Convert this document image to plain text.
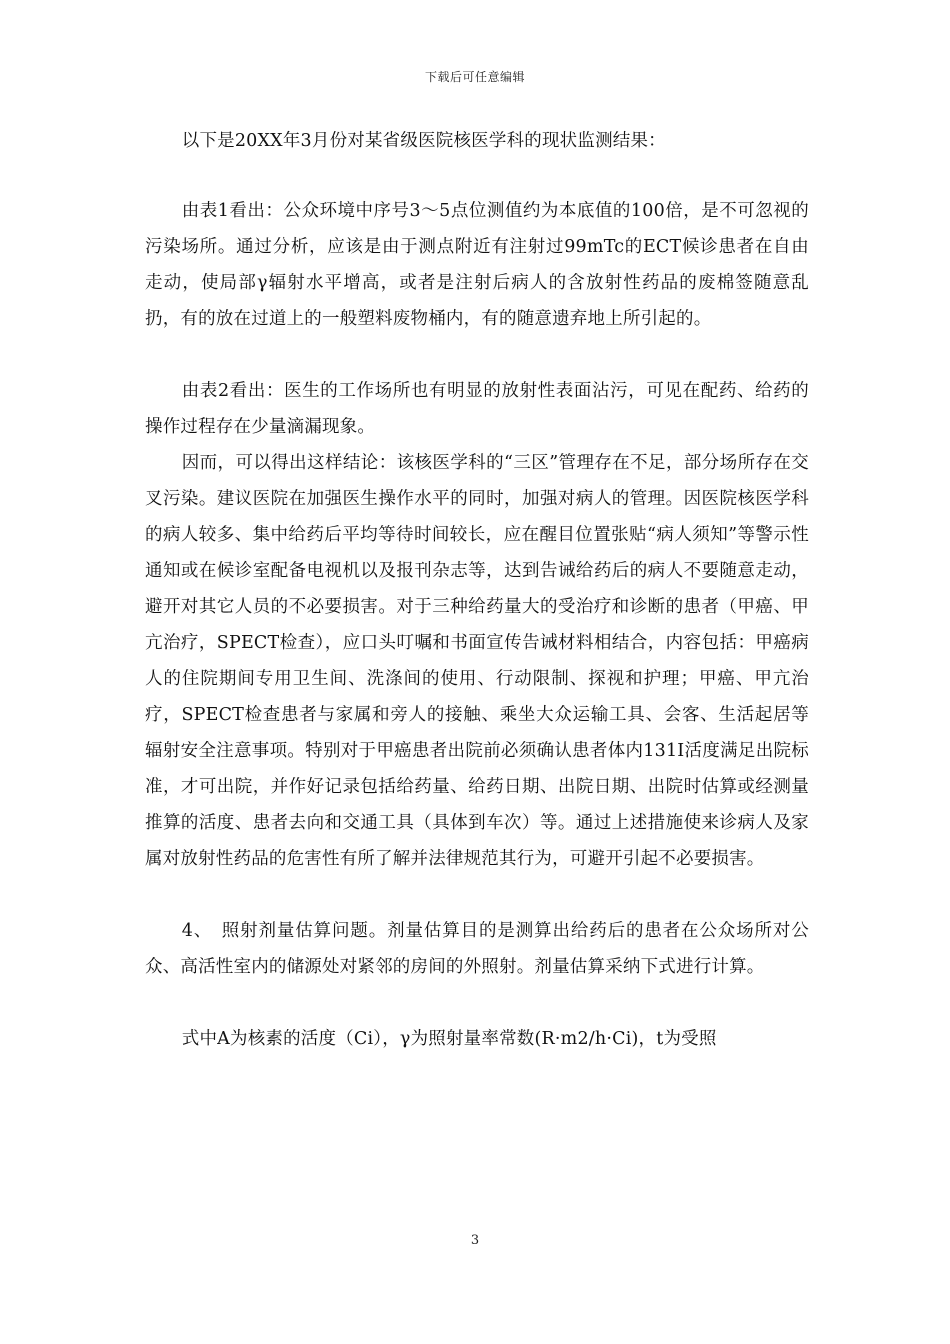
下载后可任意编辑

以下是20XX年3月份对某省级医院核医学科的现状监测结果：

由表1看出：公众环境中序号3～5点位测值约为本底值的100倍，是不可忽视的污染场所。通过分析，应该是由于测点附近有注射过99mTc的ECT候诊患者在自由走动，使局部γ辐射水平增高，或者是注射后病人的含放射性药品的废棉签随意乱扔，有的放在过道上的一般塑料废物桶内，有的随意遗弃地上所引起的。

由表2看出：医生的工作场所也有明显的放射性表面沾污，可见在配药、给药的操作过程存在少量滴漏现象。

因而，可以得出这样结论：该核医学科的“三区”管理存在不足，部分场所存在交叉污染。建议医院在加强医生操作水平的同时，加强对病人的管理。因医院核医学科的病人较多、集中给药后平均等待时间较长，应在醒目位置张贴“病人须知”等警示性通知或在候诊室配备电视机以及报刊杂志等，达到告诫给药后的病人不要随意走动，避开对其它人员的不必要损害。对于三种给药量大的受治疗和诊断的患者（甲癌、甲亢治疗，SPECT检查），应口头叮嘱和书面宣传告诫材料相结合，内容包括：甲癌病人的住院期间专用卫生间、洗涤间的使用、行动限制、探视和护理；甲癌、甲亢治疗，SPECT检查患者与家属和旁人的接触、乘坐大众运输工具、会客、生活起居等辐射安全注意事项。特别对于甲癌患者出院前必须确认患者体内131I活度满足出院标准，才可出院，并作好记录包括给药量、给药日期、出院日期、出院时估算或经测量推算的活度、患者去向和交通工具（具体到车次）等。通过上述措施使来诊病人及家属对放射性药品的危害性有所了解并法律规范其行为，可避开引起不必要损害。

4、　照射剂量估算问题。剂量估算目的是测算出给药后的患者在公众场所对公众、高活性室内的储源处对紧邻的房间的外照射。剂量估算采纳下式进行计算。

式中A为核素的活度（Ci），γ为照射量率常数(R·m2/h·Ci)，t为受照

3
